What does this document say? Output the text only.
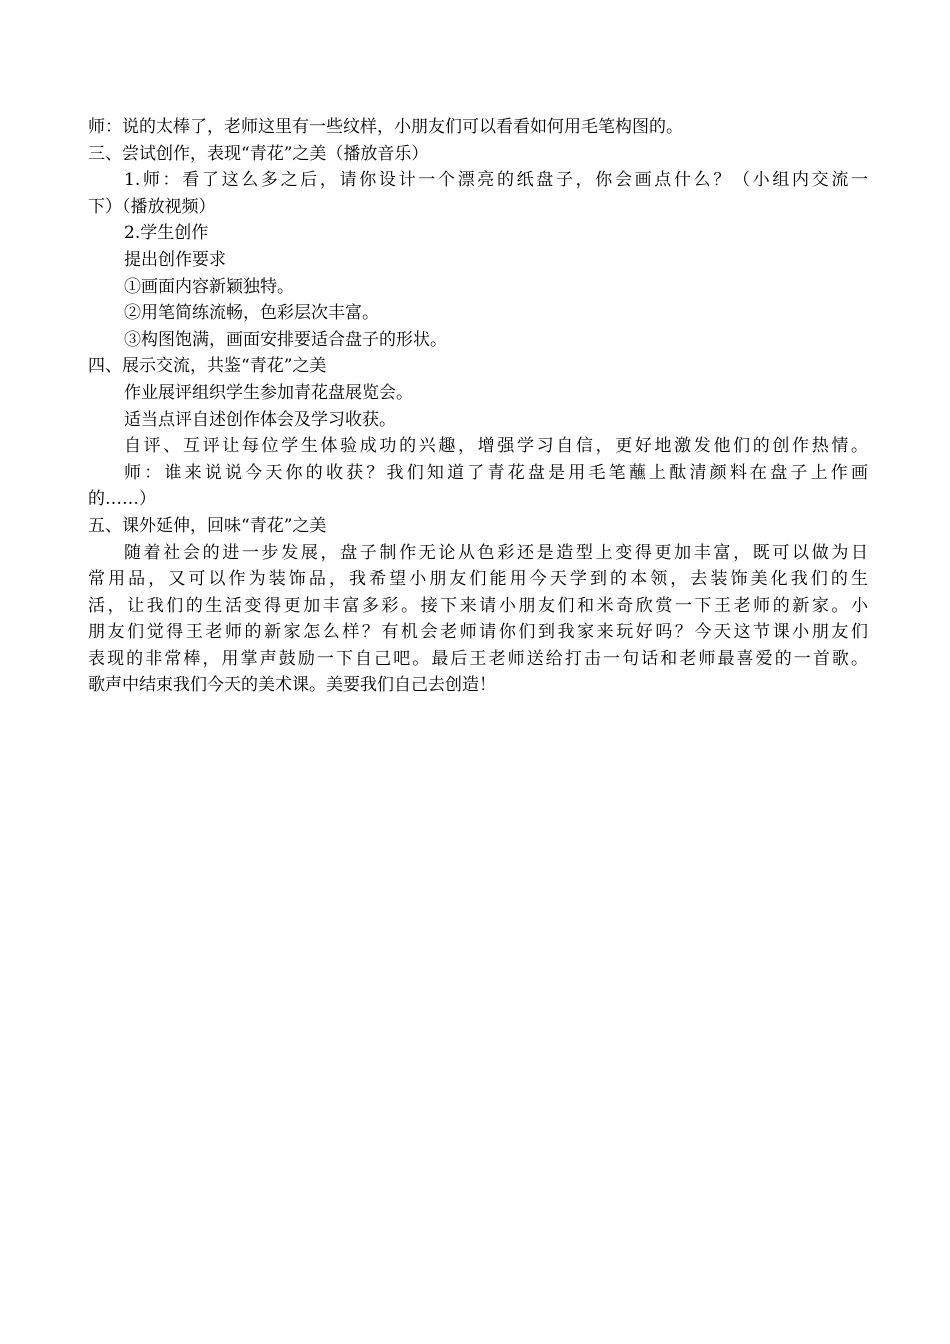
师：说的太棒了，老师这里有一些纹样，小朋友们可以看看如何用毛笔构图的。
三、尝试创作，表现“青花”之美（播放音乐）
1.师：看了这么多之后，请你设计一个漂亮的纸盘子，你会画点什么？（小组内交流一
下）（播放视频）
2.学生创作
提出创作要求
①画面内容新颖独特。
②用笔简练流畅，色彩层次丰富。
③构图饱满，画面安排要适合盘子的形状。
四、展示交流，共鉴“青花”之美
作业展评组织学生参加青花盘展览会。
适当点评自述创作体会及学习收获。
自评、互评让每位学生体验成功的兴趣，增强学习自信，更好地激发他们的创作热情。
师：谁来说说今天你的收获？我们知道了青花盘是用毛笔蘸上酞清颜料在盘子上作画
的……）
五、课外延伸，回味“青花”之美
随着社会的进一步发展，盘子制作无论从色彩还是造型上变得更加丰富，既可以做为日
常用品，又可以作为装饰品，我希望小朋友们能用今天学到的本领，去装饰美化我们的生
活，让我们的生活变得更加丰富多彩。接下来请小朋友们和米奇欣赏一下王老师的新家。小
朋友们觉得王老师的新家怎么样？有机会老师请你们到我家来玩好吗？今天这节课小朋友们
表现的非常棒，用掌声鼓励一下自己吧。最后王老师送给打击一句话和老师最喜爱的一首歌。
歌声中结束我们今天的美术课。美要我们自己去创造！
